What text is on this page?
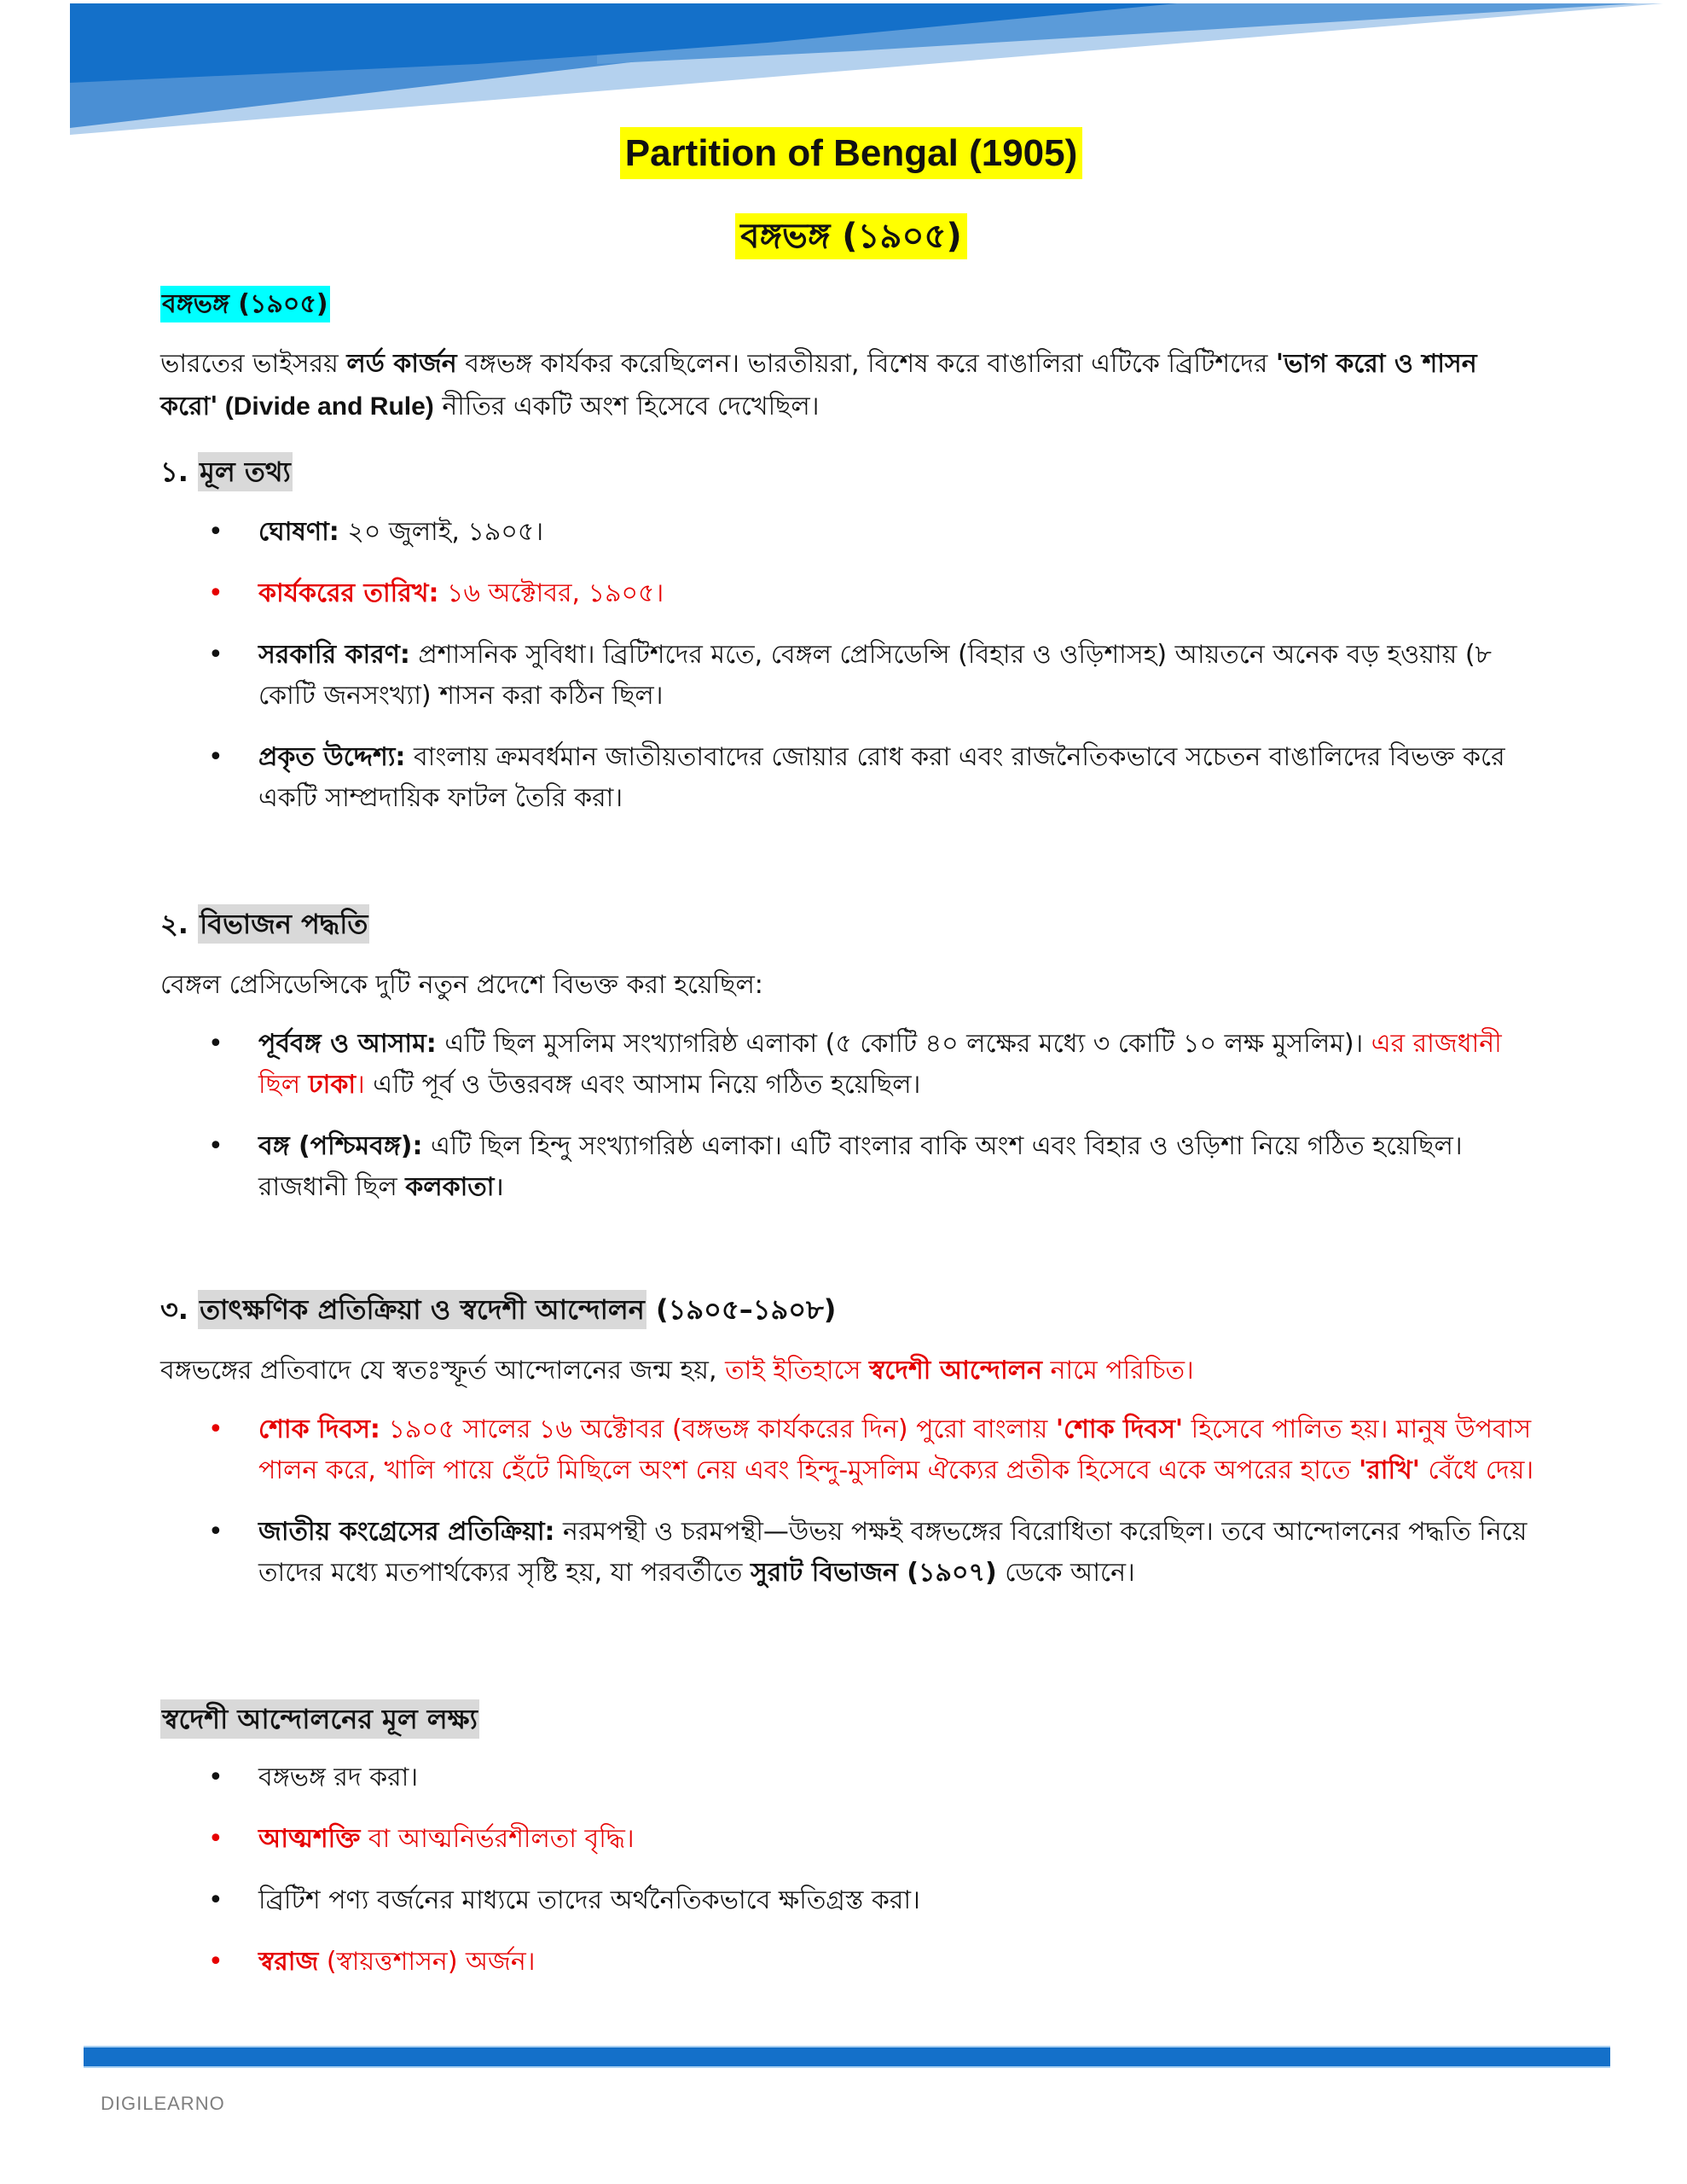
Partition of Bengal (1905)
বঙ্গভঙ্গ (১৯০৫)
বঙ্গভঙ্গ (১৯০৫)
ভারতের ভাইসরয় লর্ড কার্জন বঙ্গভঙ্গ কার্যকর করেছিলেন। ভারতীয়রা, বিশেষ করে বাঙালিরা এটিকে ব্রিটিশদের 'ভাগ করো ও শাসন করো' (Divide and Rule) নীতির একটি অংশ হিসেবে দেখেছিল।
১. মূল তথ্য
• ঘোষণা: ২০ জুলাই, ১৯০৫।
• কার্যকরের তারিখ: ১৬ অক্টোবর, ১৯০৫।
• সরকারি কারণ: প্রশাসনিক সুবিধা। ব্রিটিশদের মতে, বেঙ্গল প্রেসিডেন্সি (বিহার ও ওড়িশাসহ) আয়তনে অনেক বড় হওয়ায় (৮ কোটি জনসংখ্যা) শাসন করা কঠিন ছিল।
• প্রকৃত উদ্দেশ্য: বাংলায় ক্রমবর্ধমান জাতীয়তাবাদের জোয়ার রোধ করা এবং রাজনৈতিকভাবে সচেতন বাঙালিদের বিভক্ত করে একটি সাম্প্রদায়িক ফাটল তৈরি করা।
২. বিভাজন পদ্ধতি
বেঙ্গল প্রেসিডেন্সিকে দুটি নতুন প্রদেশে বিভক্ত করা হয়েছিল:
• পূর্ববঙ্গ ও আসাম: এটি ছিল মুসলিম সংখ্যাগরিষ্ঠ এলাকা (৫ কোটি ৪০ লক্ষের মধ্যে ৩ কোটি ১০ লক্ষ মুসলিম)। এর রাজধানী ছিল ঢাকা। এটি পূর্ব ও উত্তরবঙ্গ এবং আসাম নিয়ে গঠিত হয়েছিল।
• বঙ্গ (পশ্চিমবঙ্গ): এটি ছিল হিন্দু সংখ্যাগরিষ্ঠ এলাকা। এটি বাংলার বাকি অংশ এবং বিহার ও ওড়িশা নিয়ে গঠিত হয়েছিল। রাজধানী ছিল কলকাতা।
৩. তাৎক্ষণিক প্রতিক্রিয়া ও স্বদেশী আন্দোলন (১৯০৫–১৯০৮)
বঙ্গভঙ্গের প্রতিবাদে যে স্বতঃস্ফূর্ত আন্দোলনের জন্ম হয়, তাই ইতিহাসে স্বদেশী আন্দোলন নামে পরিচিত।
• শোক দিবস: ১৯০৫ সালের ১৬ অক্টোবর (বঙ্গভঙ্গ কার্যকরের দিন) পুরো বাংলায় 'শোক দিবস' হিসেবে পালিত হয়। মানুষ উপবাস পালন করে, খালি পায়ে হেঁটে মিছিলে অংশ নেয় এবং হিন্দু-মুসলিম ঐক্যের প্রতীক হিসেবে একে অপরের হাতে 'রাখি' বেঁধে দেয়।
• জাতীয় কংগ্রেসের প্রতিক্রিয়া: নরমপন্থী ও চরমপন্থী—উভয় পক্ষই বঙ্গভঙ্গের বিরোধিতা করেছিল। তবে আন্দোলনের পদ্ধতি নিয়ে তাদের মধ্যে মতপার্থক্যের সৃষ্টি হয়, যা পরবর্তীতে সুরাট বিভাজন (১৯০৭) ডেকে আনে।
স্বদেশী আন্দোলনের মূল লক্ষ্য
• বঙ্গভঙ্গ রদ করা।
• আত্মশক্তি বা আত্মনির্ভরশীলতা বৃদ্ধি।
• ব্রিটিশ পণ্য বর্জনের মাধ্যমে তাদের অর্থনৈতিকভাবে ক্ষতিগ্রস্ত করা।
• স্বরাজ (স্বায়ত্তশাসন) অর্জন।
DIGILEARNO
